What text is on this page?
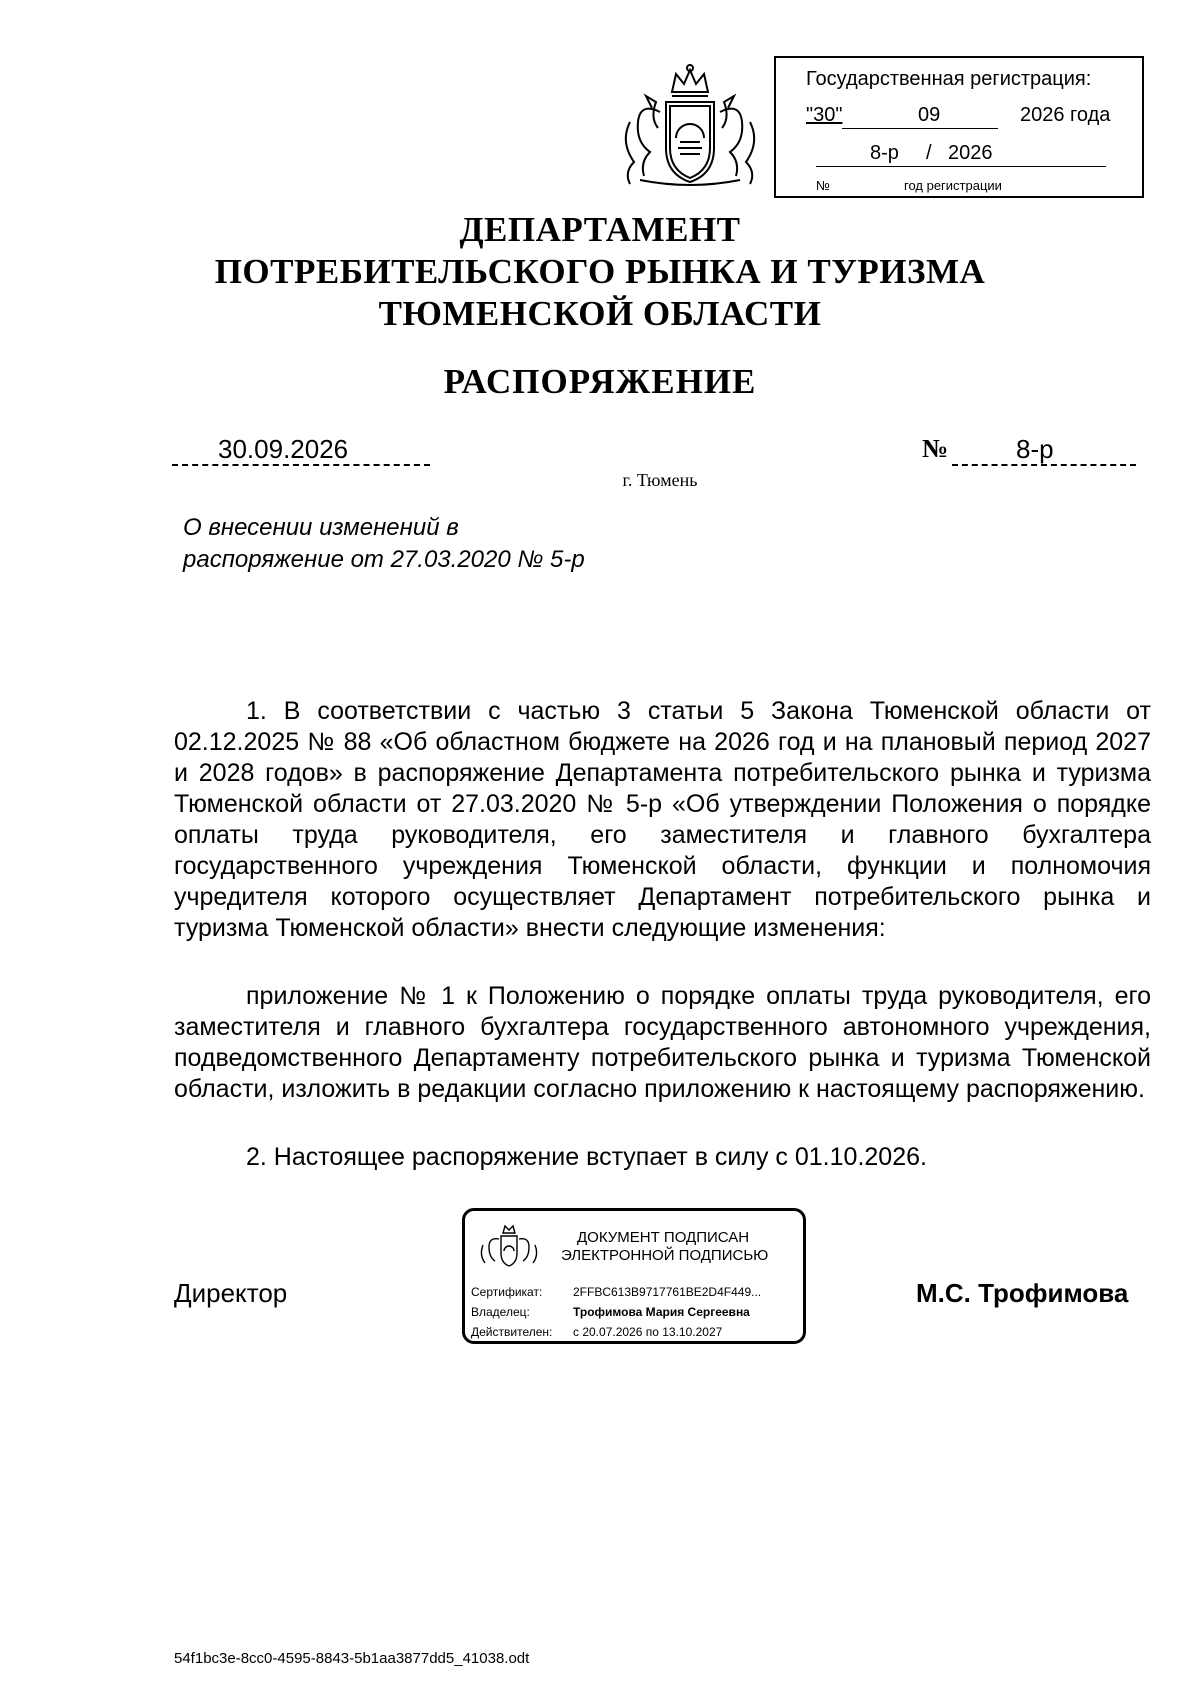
Государственная регистрация:
"30"	09	2026 года
8-р / 2026
№	год регистрации
ДЕПАРТАМЕНТ
ПОТРЕБИТЕЛЬСКОГО РЫНКА И ТУРИЗМА
ТЮМЕНСКОЙ ОБЛАСТИ
РАСПОРЯЖЕНИЕ
30.09.2026	№	8-р
г. Тюмень
О внесении изменений в распоряжение от 27.03.2020 № 5-р

1. В соответствии с частью 3 статьи 5 Закона Тюменской области от 02.12.2025 № 88 «Об областном бюджете на 2026 год и на плановый период 2027 и 2028 годов» в распоряжение Департамента потребительского рынка и туризма Тюменской области от 27.03.2020 № 5-р «Об утверждении Положения о порядке оплаты труда руководителя, его заместителя и главного бухгалтера государственного учреждения Тюменской области, функции и полномочия учредителя которого осуществляет Департамент потребительского рынка и туризма Тюменской области» внести следующие изменения:

приложение № 1 к Положению о порядке оплаты труда руководителя, его заместителя и главного бухгалтера государственного автономного учреждения, подведомственного Департаменту потребительского рынка и туризма Тюменской области, изложить в редакции согласно приложению к настоящему распоряжению.

2. Настоящее распоряжение вступает в силу с 01.10.2026.

Директор
ДОКУМЕНТ ПОДПИСАН
ЭЛЕКТРОННОЙ ПОДПИСЬЮ
Сертификат:	2FFBC613B9717761BE2D4F449...
Владелец:	Трофимова Мария Сергеевна
Действителен: с 20.07.2026 по 13.10.2027
М.С. Трофимова
54f1bc3e-8cc0-4595-8843-5b1aa3877dd5_41038.odt
